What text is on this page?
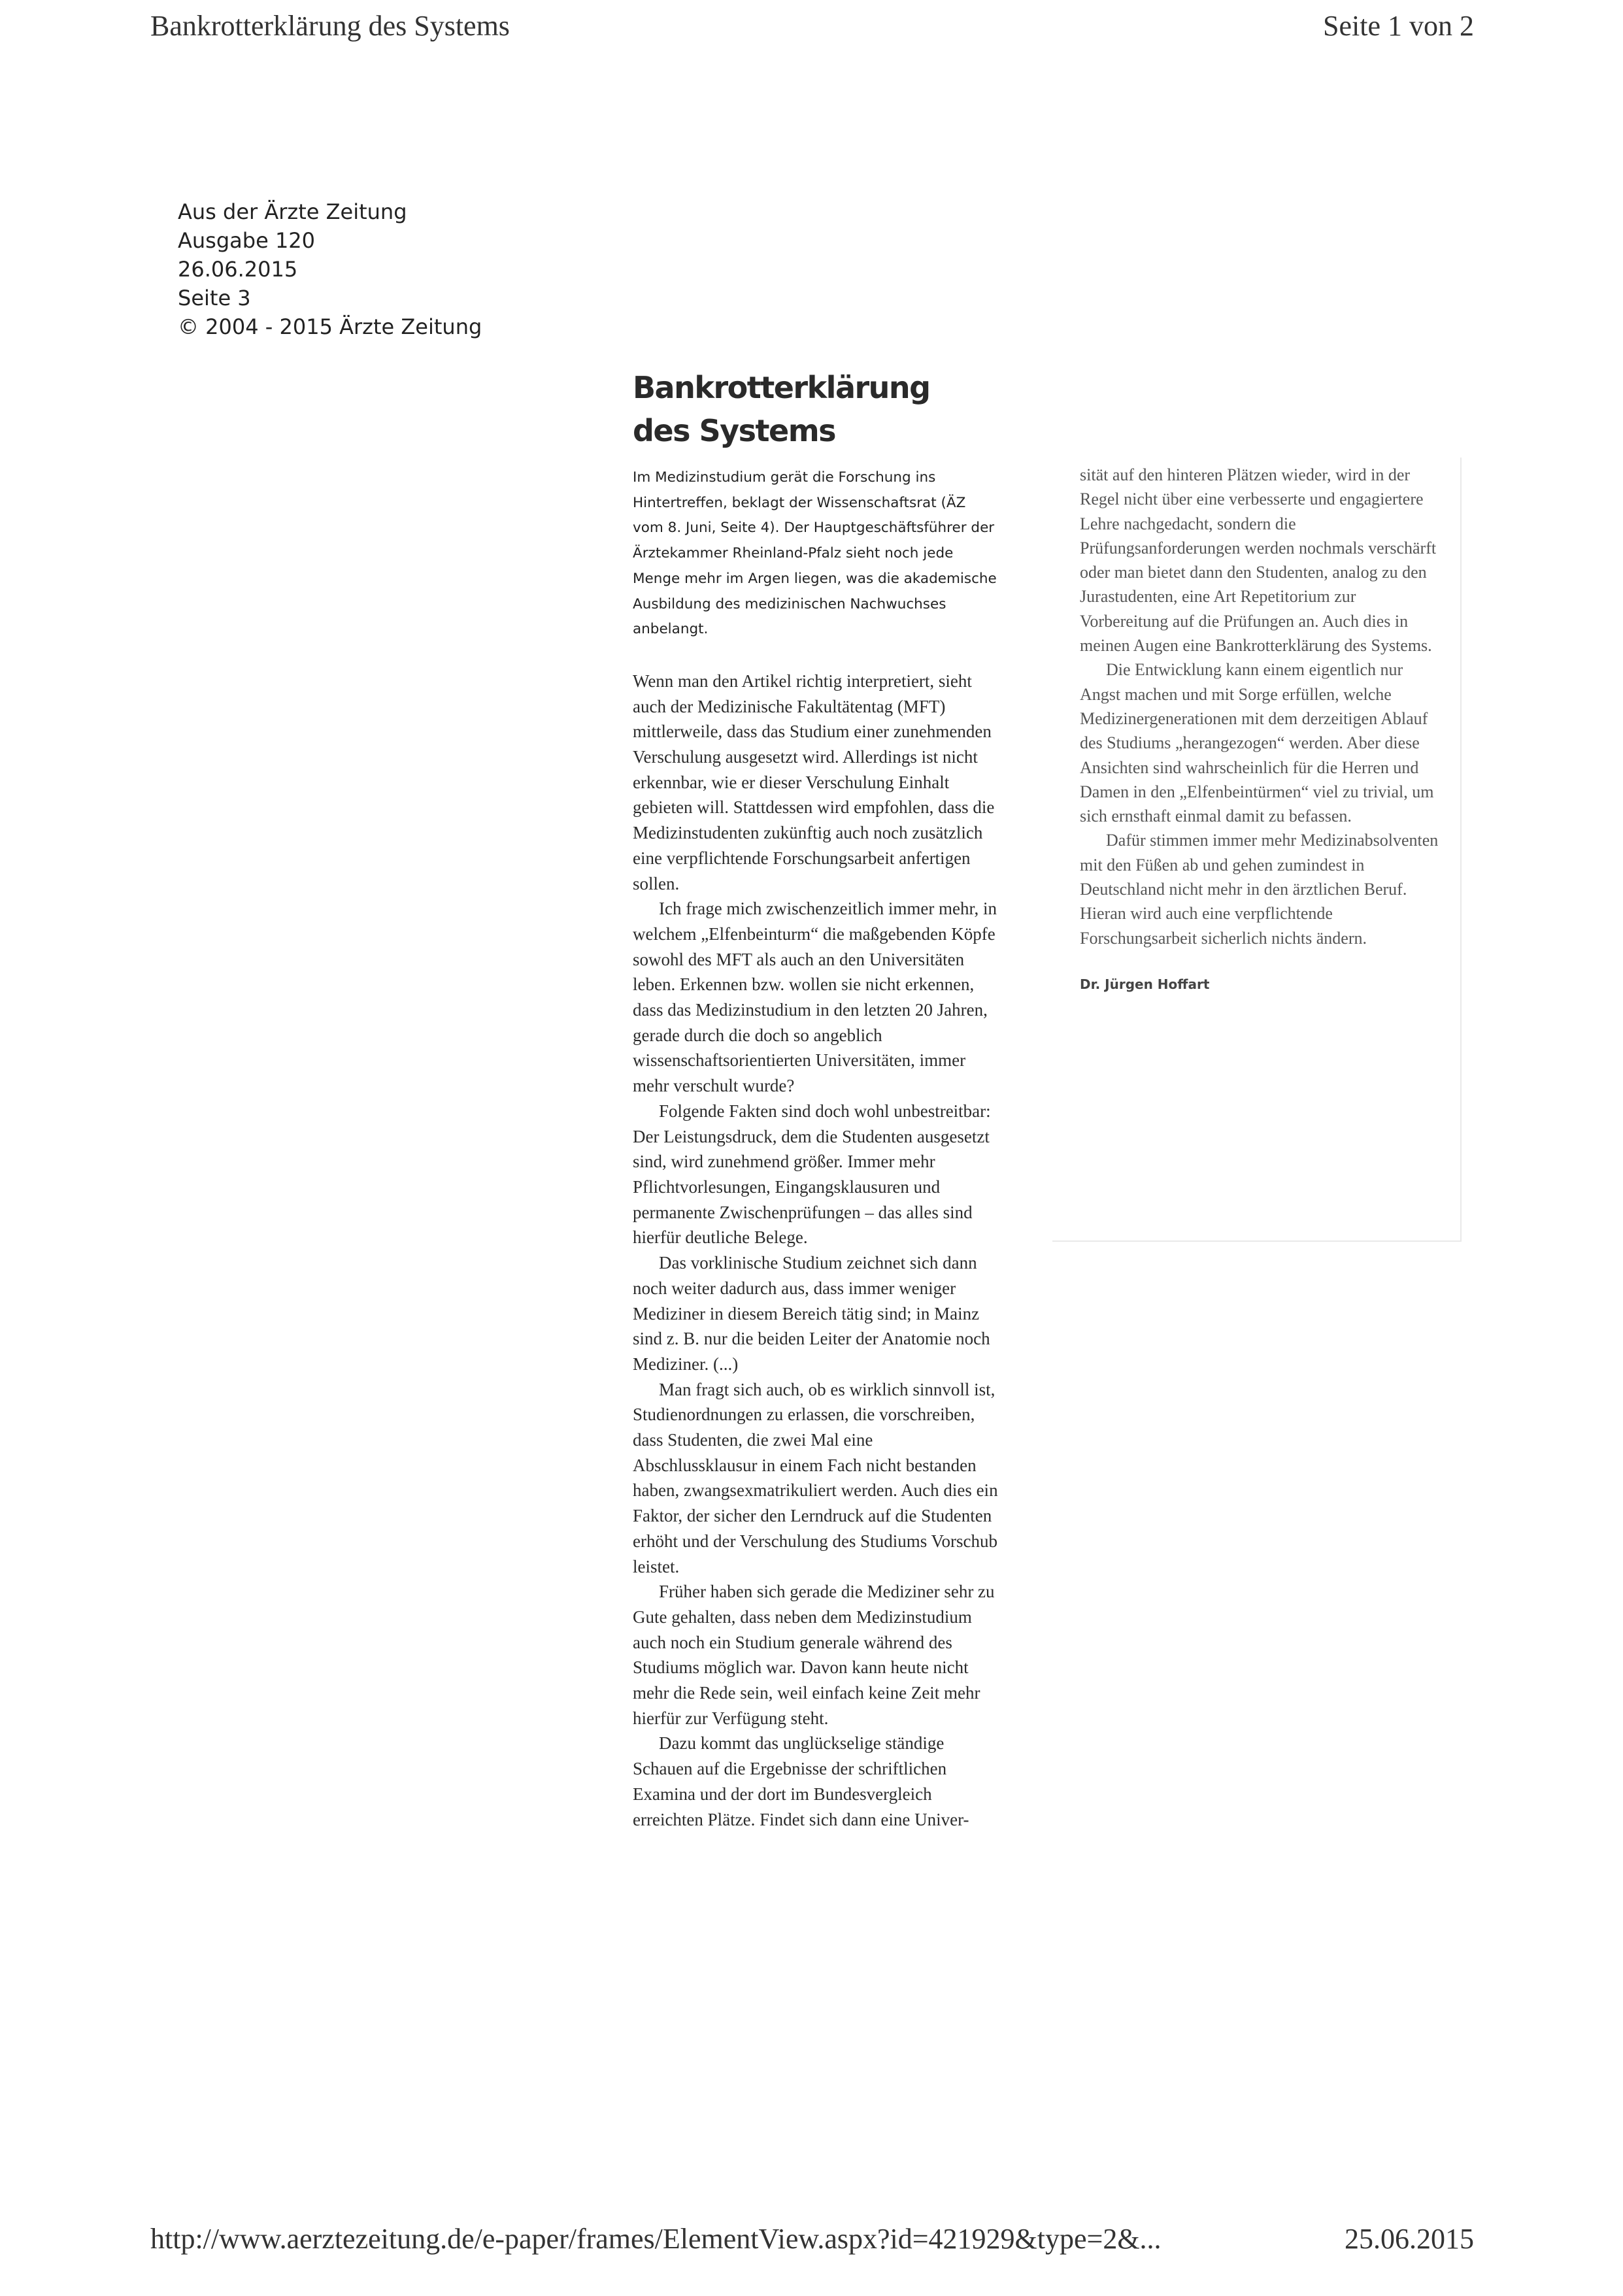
Bankrotterklärung des Systems	Seite 1 von 2
Aus der Ärzte Zeitung
Ausgabe 120
26.06.2015
Seite 3
© 2004 - 2015 Ärzte Zeitung
Bankrotterklärung
des Systems

Im Medizinstudium gerät die Forschung ins Hintertreffen, beklagt der Wissenschaftsrat (ÄZ vom 8. Juni, Seite 4). Der Hauptgeschäftsführer der Ärztekammer Rheinland-Pfalz sieht noch jede Menge mehr im Argen liegen, was die akademische Ausbildung des medizinischen Nachwuchses anbelangt.

Wenn man den Artikel richtig interpretiert, sieht auch der Medizinische Fakultätentag (MFT) mittlerweile, dass das Studium einer zunehmenden Verschulung ausgesetzt wird. Allerdings ist nicht erkennbar, wie er dieser Verschulung Einhalt gebieten will. Stattdessen wird empfohlen, dass die Medizinstudenten zukünftig auch noch zusätzlich eine verpflichtende Forschungsarbeit anfertigen sollen.

Ich frage mich zwischenzeitlich immer mehr, in welchem „Elfenbeinturm“ die maßgebenden Köpfe sowohl des MFT als auch an den Universitäten leben. Erkennen bzw. wollen sie nicht erkennen, dass das Medizinstudium in den letzten 20 Jahren, gerade durch die doch so angeblich wissenschaftsorientierten Universitäten, immer mehr verschult wurde?

Folgende Fakten sind doch wohl unbestreitbar: Der Leistungsdruck, dem die Studenten ausgesetzt sind, wird zunehmend größer. Immer mehr Pflichtvorlesungen, Eingangsklausuren und permanente Zwischenprüfungen – das alles sind hierfür deutliche Belege.

Das vorklinische Studium zeichnet sich dann noch weiter dadurch aus, dass immer weniger Mediziner in diesem Bereich tätig sind; in Mainz sind z. B. nur die beiden Leiter der Anatomie noch Mediziner. (...)

Man fragt sich auch, ob es wirklich sinnvoll ist, Studienordnungen zu erlassen, die vorschreiben, dass Studenten, die zwei Mal eine Abschlussklausur in einem Fach nicht bestanden haben, zwangsexmatrikuliert werden. Auch dies ein Faktor, der sicher den Lerndruck auf die Studenten erhöht und der Verschulung des Studiums Vorschub leistet.

Früher haben sich gerade die Mediziner sehr zu Gute gehalten, dass neben dem Medizinstudium auch noch ein Studium generale während des Studiums möglich war. Davon kann heute nicht mehr die Rede sein, weil einfach keine Zeit mehr hierfür zur Verfügung steht.

Dazu kommt das unglückselige ständige Schauen auf die Ergebnisse der schriftlichen Examina und der dort im Bundesvergleich erreichten Plätze. Findet sich dann eine Univer-

sität auf den hinteren Plätzen wieder, wird in der Regel nicht über eine verbesserte und engagiertere Lehre nachgedacht, sondern die Prüfungsanforderungen werden nochmals verschärft oder man bietet dann den Studenten, analog zu den Jurastudenten, eine Art Repetitorium zur Vorbereitung auf die Prüfungen an. Auch dies in meinen Augen eine Bankrotterklärung des Systems.

Die Entwicklung kann einem eigentlich nur Angst machen und mit Sorge erfüllen, welche Medizinergenerationen mit dem derzeitigen Ablauf des Studiums „herangezogen“ werden. Aber diese Ansichten sind wahrscheinlich für die Herren und Damen in den „Elfenbeintürmen“ viel zu trivial, um sich ernsthaft einmal damit zu befassen.

Dafür stimmen immer mehr Medizinabsolventen mit den Füßen ab und gehen zumindest in Deutschland nicht mehr in den ärztlichen Beruf. Hieran wird auch eine verpflichtende Forschungsarbeit sicherlich nichts ändern.

Dr. Jürgen Hoffart
http://www.aerztezeitung.de/e-paper/frames/ElementView.aspx?id=421929&type=2&...	25.06.2015
